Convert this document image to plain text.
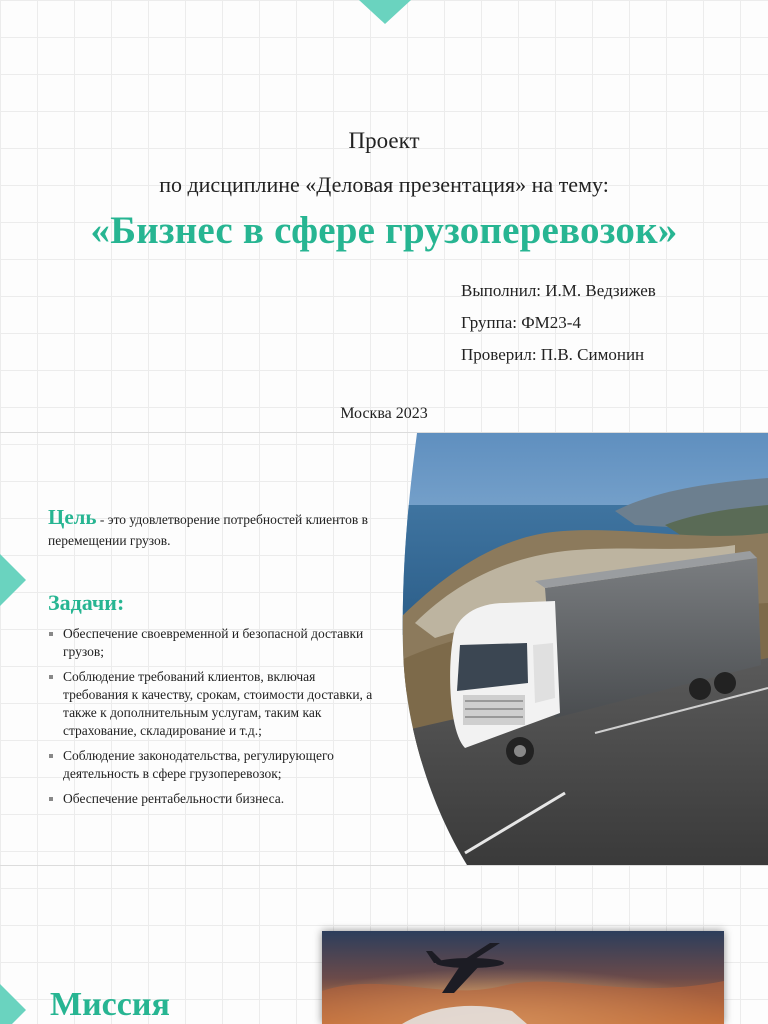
Проект
по дисциплине «Деловая презентация» на тему:
«Бизнес в сфере грузоперевозок»
Выполнил: И.М. Ведзижев
Группа: ФМ23-4
Проверил: П.В. Симонин
Москва 2023
Цель - это удовлетворение потребностей клиентов в перемещении грузов.
Задачи:
Обеспечение своевременной и безопасной доставки грузов;
Соблюдение требований клиентов, включая требования к качеству, срокам, стоимости доставки, а также к дополнительным услугам, таким как страхование, складирование и т.д.;
Соблюдение законодательства, регулирующего деятельность в сфере грузоперевозок;
Обеспечение рентабельности бизнеса.
Миссия
